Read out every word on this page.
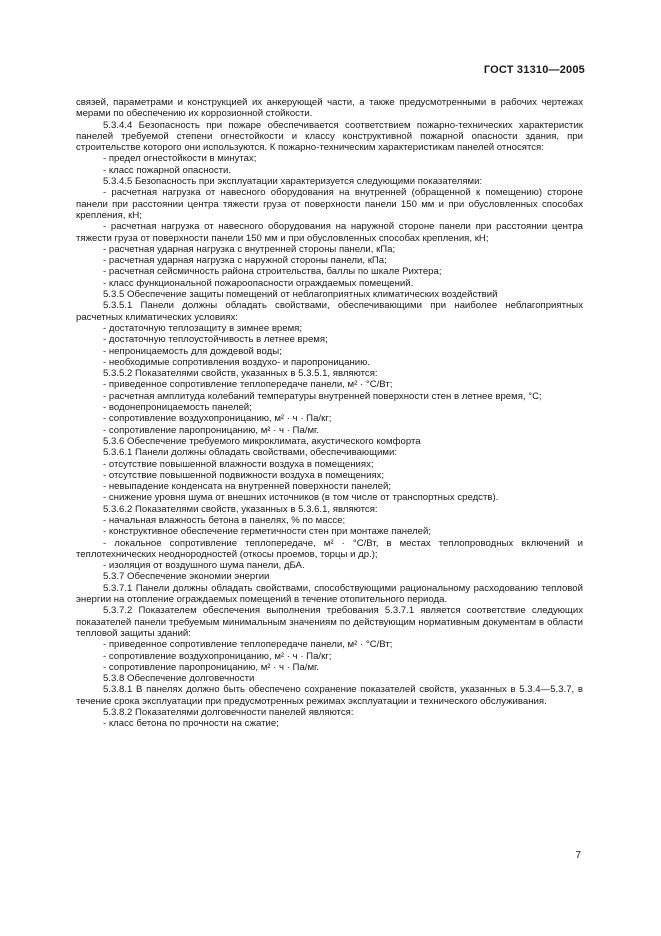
ГОСТ 31310—2005

связей, параметрами и конструкцией их анкерующей части, а также предусмотренными в рабочих чертежах мерами по обеспечению их коррозионной стойкости.

5.3.4.4 Безопасность при пожаре обеспечивается соответствием пожарно-технических характеристик панелей требуемой степени огнестойкости и классу конструктивной пожарной опасности здания, при строительстве которого они используются. К пожарно-техническим характеристикам панелей относятся:

- предел огнестойкости в минутах;

- класс пожарной опасности.

5.3.4.5 Безопасность при эксплуатации характеризуется следующими показателями:

- расчетная нагрузка от навесного оборудования на внутренней (обращенной к помещению) стороне панели при расстоянии центра тяжести груза от поверхности панели 150 мм и при обусловленных способах крепления, кН;

- расчетная нагрузка от навесного оборудования на наружной стороне панели при расстоянии центра тяжести груза от поверхности панели 150 мм и при обусловленных способах крепления, кН;

- расчетная ударная нагрузка с внутренней стороны панели, кПа;

- расчетная ударная нагрузка с наружной стороны панели, кПа;

- расчетная сейсмичность района строительства, баллы по шкале Рихтера;

- класс функциональной пожароопасности ограждаемых помещений.

5.3.5 Обеспечение защиты помещений от неблагоприятных климатических воздействий

5.3.5.1 Панели должны обладать свойствами, обеспечивающими при наиболее неблагоприятных расчетных климатических условиях:

- достаточную теплозащиту в зимнее время;

- достаточную теплоустойчивость в летнее время;

- непроницаемость для дождевой воды;

- необходимые сопротивления воздухо- и паропроницанию.

5.3.5.2 Показателями свойств, указанных в 5.3.5.1, являются:

- приведенное сопротивление теплопередаче панели, м² · °С/Вт;

- расчетная амплитуда колебаний температуры внутренней поверхности стен в летнее время, °С;

- водонепроницаемость панелей;

- сопротивление воздухопроницанию, м² · ч · Па/кг;

- сопротивление паропроницанию, м² · ч · Па/мг.

5.3.6 Обеспечение требуемого микроклимата, акустического комфорта

5.3.6.1 Панели должны обладать свойствами, обеспечивающими:

- отсутствие повышенной влажности воздуха в помещениях;

- отсутствие повышенной подвижности воздуха в помещениях;

- невыпадение конденсата на внутренней поверхности панелей;

- снижение уровня шума от внешних источников (в том числе от транспортных средств).

5.3.6.2 Показателями свойств, указанных в 5.3.6.1, являются:

- начальная влажность бетона в панелях, % по массе;

- конструктивное обеспечение герметичности стен при монтаже панелей;

- локальное сопротивление теплопередаче, м² · °С/Вт, в местах теплопроводных включений и теплотехнических неоднородностей (откосы проемов, торцы и др.);

- изоляция от воздушного шума панели, дБА.

5.3.7 Обеспечение экономии энергии

5.3.7.1 Панели должны обладать свойствами, способствующими рациональному расходованию тепловой энергии на отопление ограждаемых помещений в течение отопительного периода.

5.3.7.2 Показателем обеспечения выполнения требования 5.3.7.1 является соответствие следующих показателей панели требуемым минимальным значениям по действующим нормативным документам в области тепловой защиты зданий:

- приведенное сопротивление теплопередаче панели, м² · °С/Вт;

- сопротивление воздухопроницанию, м² · ч · Па/кг;

- сопротивление паропроницанию, м² · ч · Па/мг.

5.3.8 Обеспечение долговечности

5.3.8.1 В панелях должно быть обеспечено сохранение показателей свойств, указанных в 5.3.4—5.3.7, в течение срока эксплуатации при предусмотренных режимах эксплуатации и технического обслуживания.

5.3.8.2 Показателями долговечности панелей являются:

- класс бетона по прочности на сжатие;

7
